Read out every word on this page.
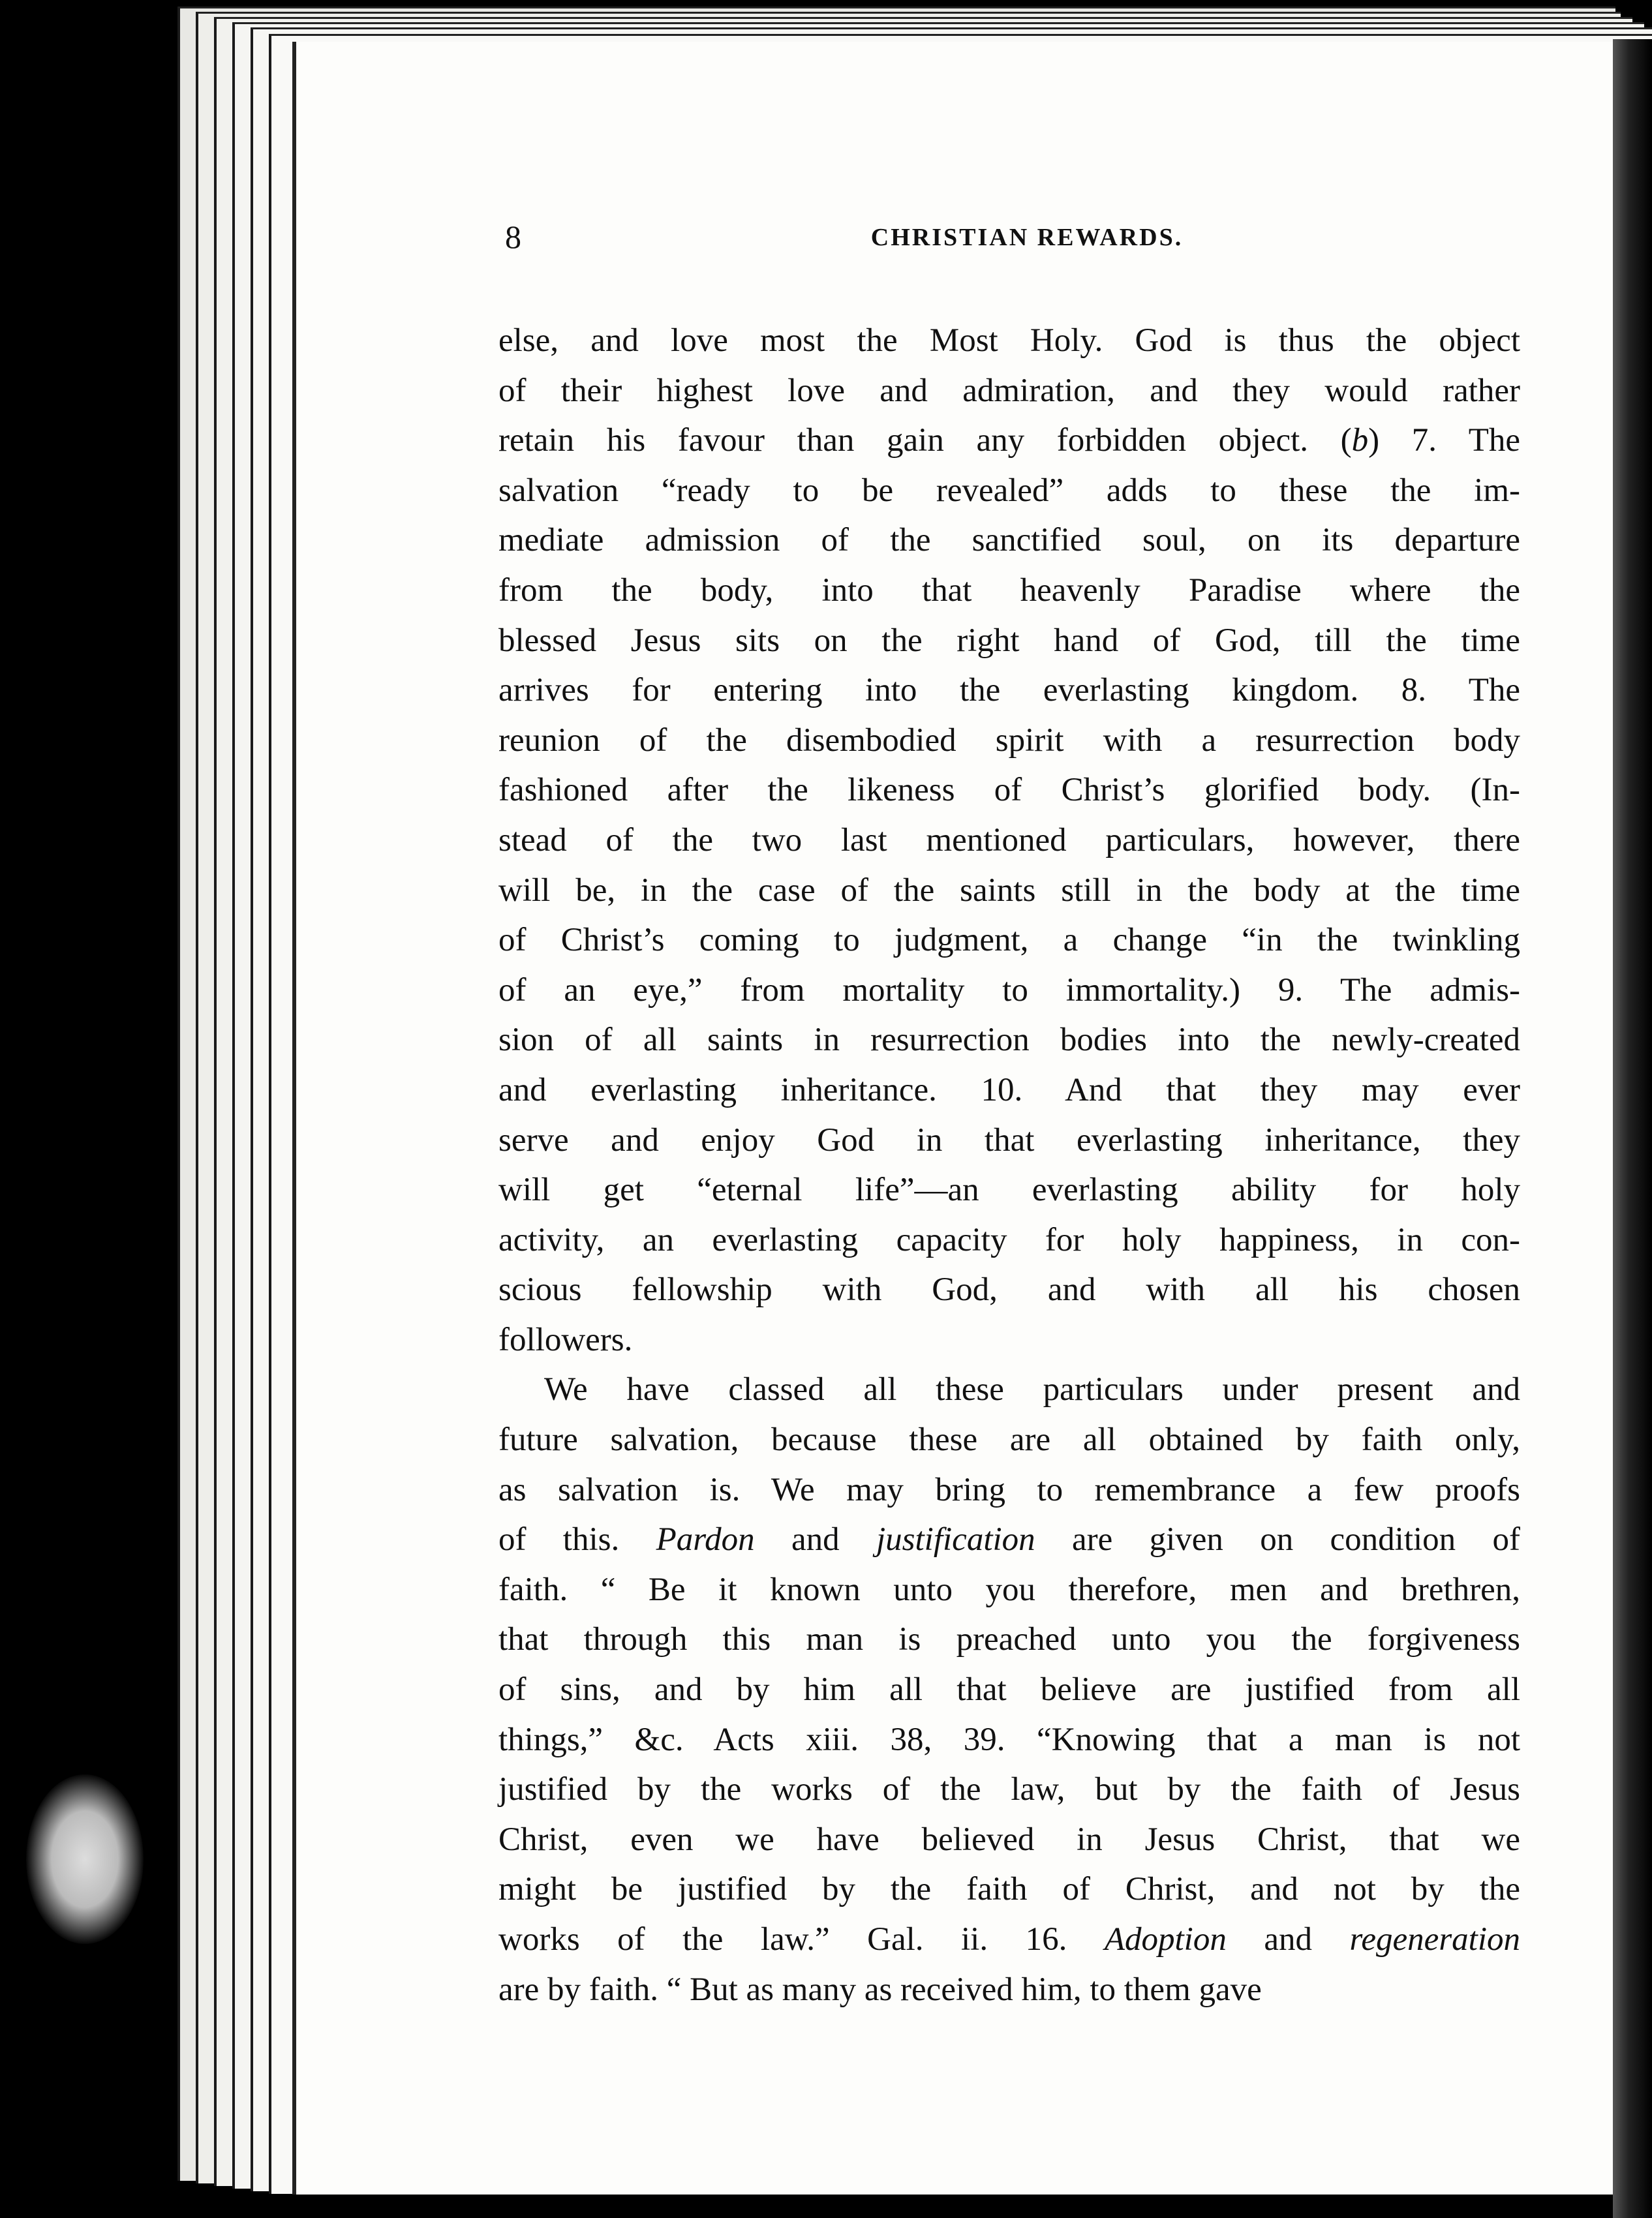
8	CHRISTIAN REWARDS.
else, and love most the Most Holy. God is thus the object
of their highest love and admiration, and they would rather
retain his favour than gain any forbidden object. (b) 7. The
salvation “ready to be revealed” adds to these the im-
mediate admission of the sanctified soul, on its departure
from the body, into that heavenly Paradise where the
blessed Jesus sits on the right hand of God, till the time
arrives for entering into the everlasting kingdom. 8. The
reunion of the disembodied spirit with a resurrection body
fashioned after the likeness of Christ’s glorified body. (In-
stead of the two last mentioned particulars, however, there
will be, in the case of the saints still in the body at the time
of Christ’s coming to judgment, a change “in the twinkling
of an eye,” from mortality to immortality.) 9. The admis-
sion of all saints in resurrection bodies into the newly-created
and everlasting inheritance. 10. And that they may ever
serve and enjoy God in that everlasting inheritance, they
will get “eternal life”—an everlasting ability for holy
activity, an everlasting capacity for holy happiness, in con-
scious fellowship with God, and with all his chosen
followers.
We have classed all these particulars under present and
future salvation, because these are all obtained by faith only,
as salvation is. We may bring to remembrance a few proofs
of this. Pardon and justification are given on condition of
faith. “ Be it known unto you therefore, men and brethren,
that through this man is preached unto you the forgiveness
of sins, and by him all that believe are justified from all
things,” &c. Acts xiii. 38, 39. “Knowing that a man is not
justified by the works of the law, but by the faith of Jesus
Christ, even we have believed in Jesus Christ, that we
might be justified by the faith of Christ, and not by the
works of the law.” Gal. ii. 16. Adoption and regeneration
are by faith. “ But as many as received him, to them gave
